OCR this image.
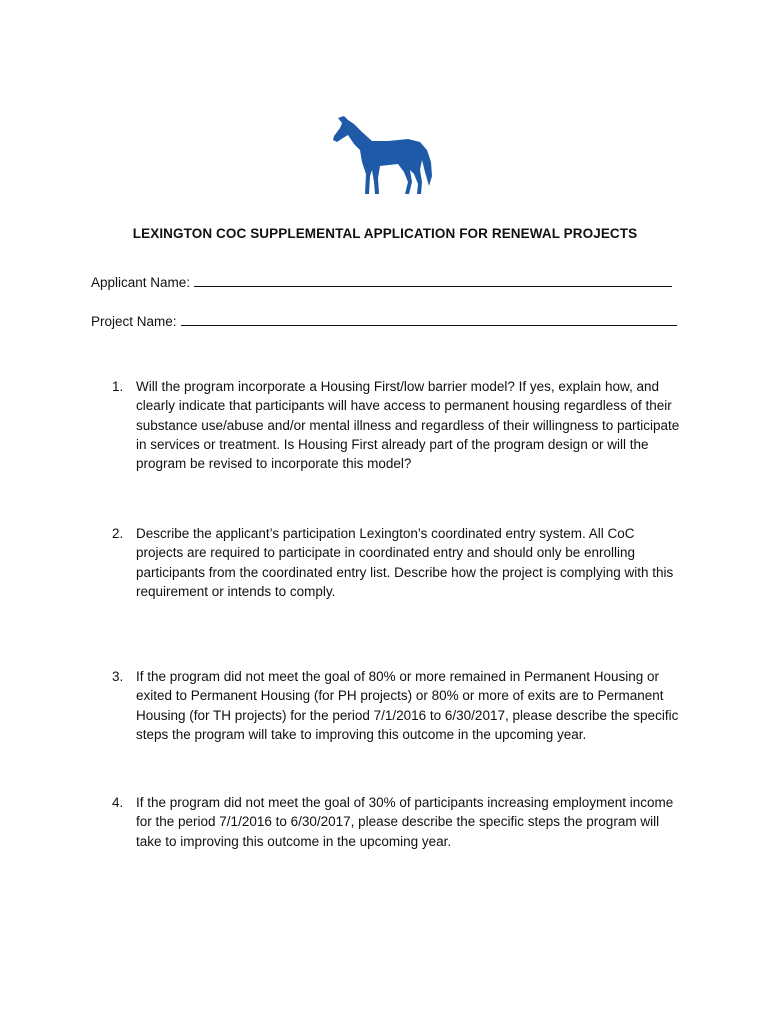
LEXINGTON COC SUPPLEMENTAL APPLICATION FOR RENEWAL PROJECTS
Applicant Name:
Project Name:
1. Will the program incorporate a Housing First/low barrier model? If yes, explain how, and clearly indicate that participants will have access to permanent housing regardless of their substance use/abuse and/or mental illness and regardless of their willingness to participate in services or treatment. Is Housing First already part of the program design or will the program be revised to incorporate this model?
2. Describe the applicant’s participation Lexington’s coordinated entry system. All CoC projects are required to participate in coordinated entry and should only be enrolling participants from the coordinated entry list. Describe how the project is complying with this requirement or intends to comply.
3. If the program did not meet the goal of 80% or more remained in Permanent Housing or exited to Permanent Housing (for PH projects) or 80% or more of exits are to Permanent Housing (for TH projects) for the period 7/1/2016 to 6/30/2017, please describe the specific steps the program will take to improving this outcome in the upcoming year.
4. If the program did not meet the goal of 30% of participants increasing employment income for the period 7/1/2016 to 6/30/2017, please describe the specific steps the program will take to improving this outcome in the upcoming year.
